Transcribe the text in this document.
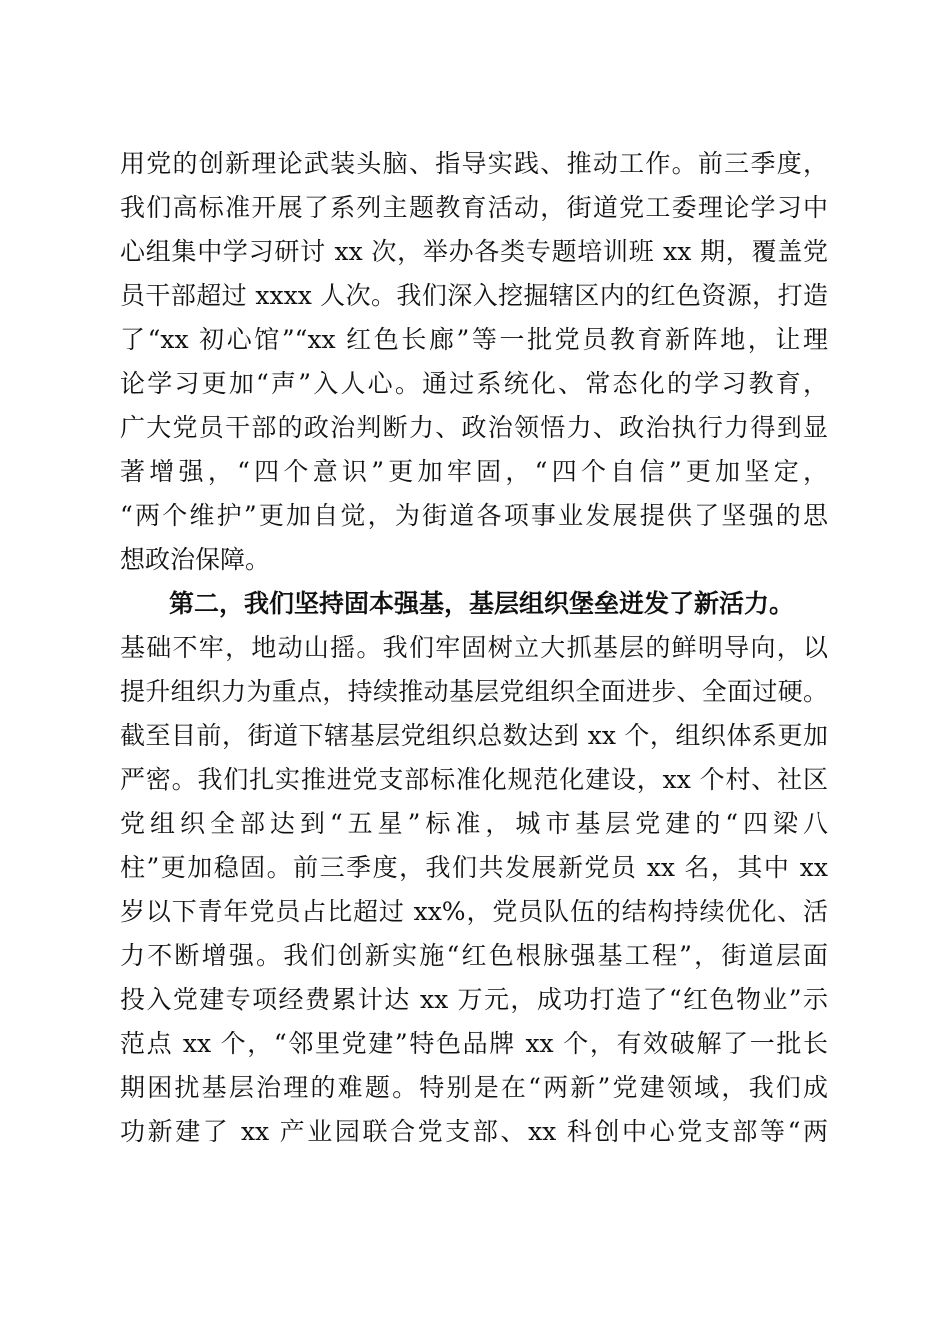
用党的创新理论武装头脑、指导实践、推动工作。前三季度，
我们高标准开展了系列主题教育活动，街道党工委理论学习中
心组集中学习研讨 xx 次，举办各类专题培训班 xx 期，覆盖党
员干部超过 xxxx 人次。我们深入挖掘辖区内的红色资源，打造
了“xx 初心馆”“xx 红色长廊”等一批党员教育新阵地，让理
论学习更加“声”入人心。通过系统化、常态化的学习教育，
广大党员干部的政治判断力、政治领悟力、政治执行力得到显
著增强，“四个意识”更加牢固，“四个自信”更加坚定，
“两个维护”更加自觉，为街道各项事业发展提供了坚强的思
想政治保障。
第二，我们坚持固本强基，基层组织堡垒迸发了新活力。
基础不牢，地动山摇。我们牢固树立大抓基层的鲜明导向，以
提升组织力为重点，持续推动基层党组织全面进步、全面过硬。
截至目前，街道下辖基层党组织总数达到 xx 个，组织体系更加
严密。我们扎实推进党支部标准化规范化建设，xx 个村、社区
党组织全部达到“五星”标准，城市基层党建的“四梁八
柱”更加稳固。前三季度，我们共发展新党员 xx 名，其中 xx
岁以下青年党员占比超过 xx%，党员队伍的结构持续优化、活
力不断增强。我们创新实施“红色根脉强基工程”，街道层面
投入党建专项经费累计达 xx 万元，成功打造了“红色物业”示
范点 xx 个，“邻里党建”特色品牌 xx 个，有效破解了一批长
期困扰基层治理的难题。特别是在“两新”党建领域，我们成
功新建了 xx 产业园联合党支部、xx 科创中心党支部等“两
